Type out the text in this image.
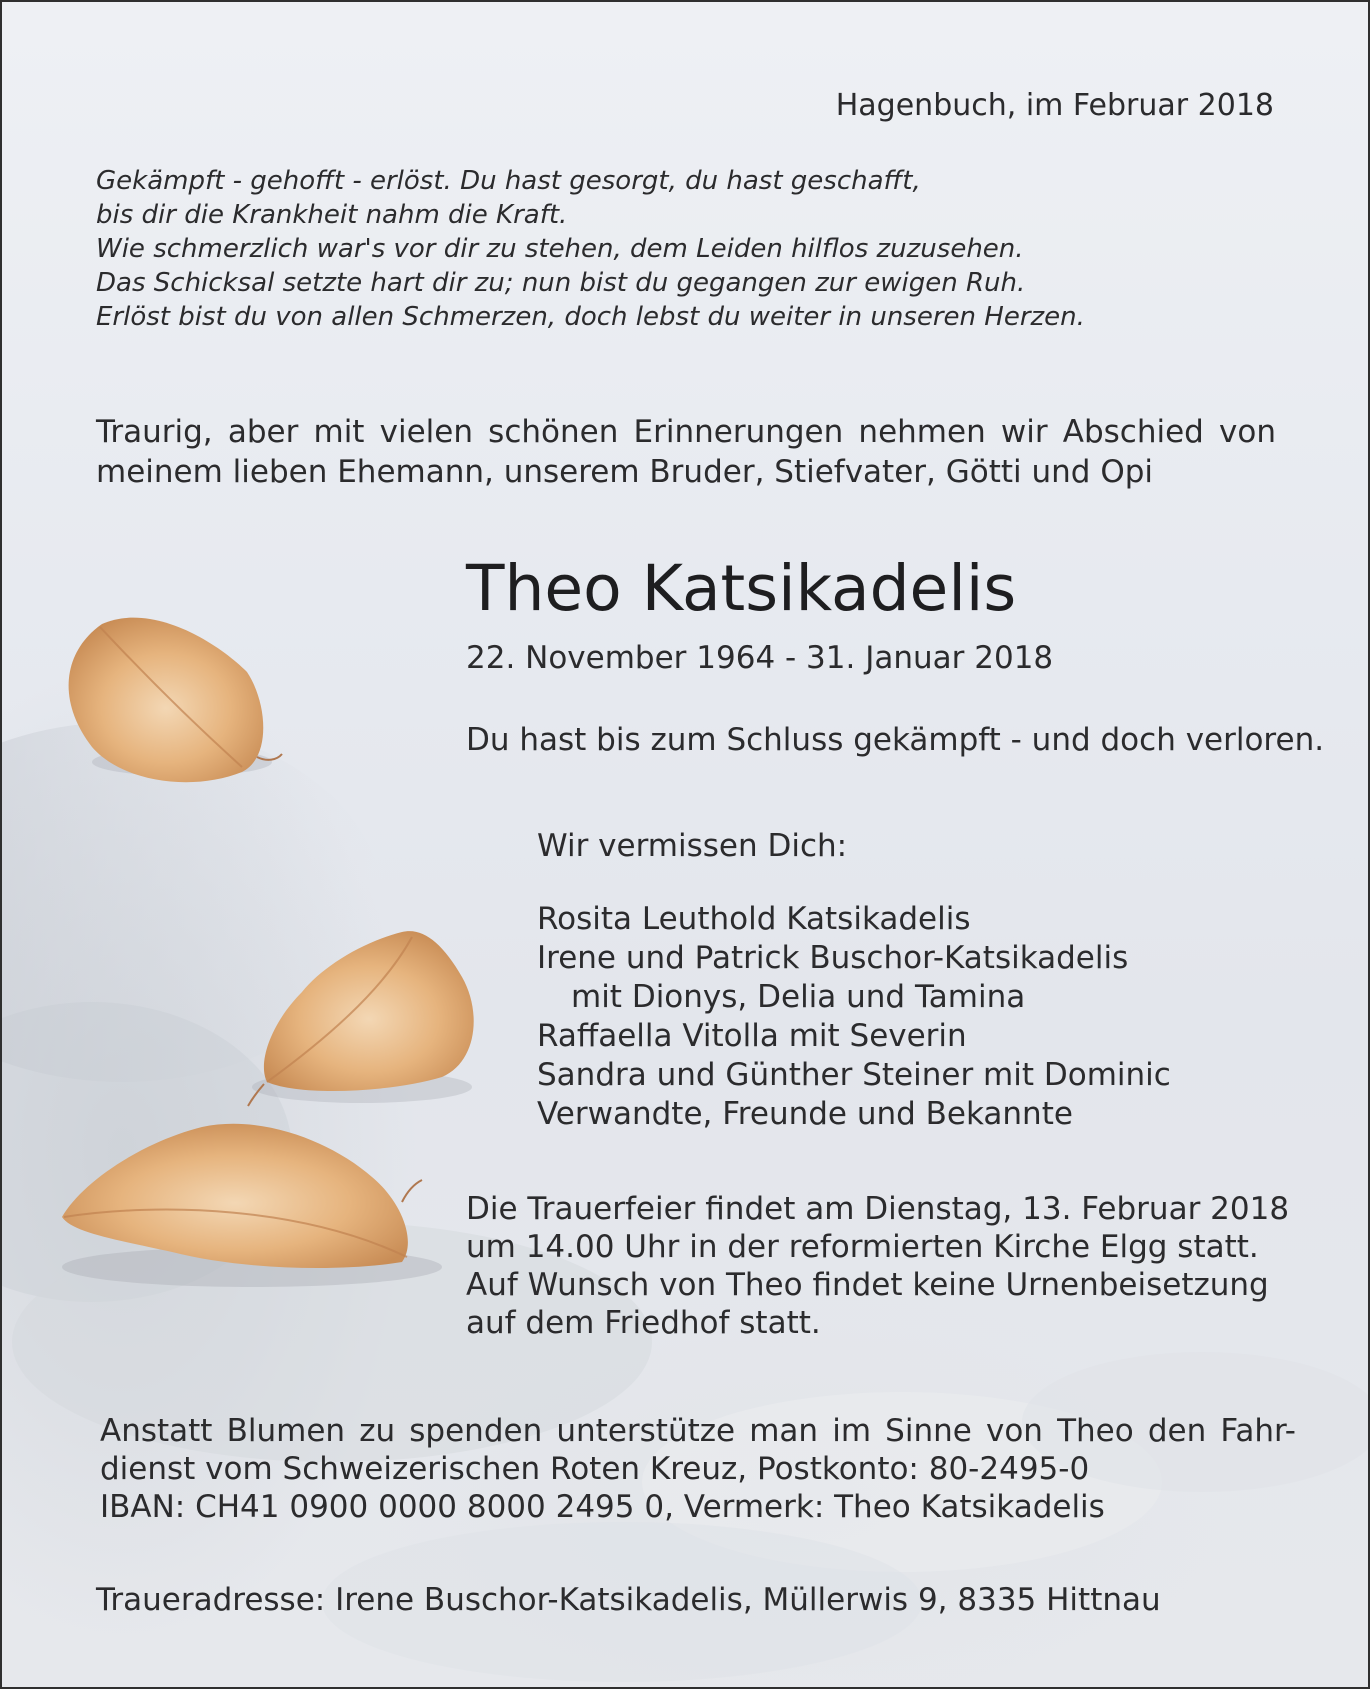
Hagenbuch, im Februar 2018
Gekämpft - gehofft - erlöst. Du hast gesorgt, du hast geschafft,
bis dir die Krankheit nahm die Kraft.
Wie schmerzlich war's vor dir zu stehen, dem Leiden hilflos zuzusehen.
Das Schicksal setzte hart dir zu; nun bist du gegangen zur ewigen Ruh.
Erlöst bist du von allen Schmerzen, doch lebst du weiter in unseren Herzen.
Traurig, aber mit vielen schönen Erinnerungen nehmen wir Abschied von
meinem lieben Ehemann, unserem Bruder, Stiefvater, Götti und Opi
Theo Katsikadelis
22. November 1964 - 31. Januar 2018
Du hast bis zum Schluss gekämpft - und doch verloren.
Wir vermissen Dich:
Rosita Leuthold Katsikadelis
Irene und Patrick Buschor-Katsikadelis
mit Dionys, Delia und Tamina
Raffaella Vitolla mit Severin
Sandra und Günther Steiner mit Dominic
Verwandte, Freunde und Bekannte
Die Trauerfeier findet am Dienstag, 13. Februar 2018
um 14.00 Uhr in der reformierten Kirche Elgg statt.
Auf Wunsch von Theo findet keine Urnenbeisetzung
auf dem Friedhof statt.
Anstatt Blumen zu spenden unterstütze man im Sinne von Theo den Fahr-
dienst vom Schweizerischen Roten Kreuz, Postkonto: 80-2495-0
IBAN: CH41 0900 0000 8000 2495 0, Vermerk: Theo Katsikadelis
Traueradresse: Irene Buschor-Katsikadelis, Müllerwis 9, 8335 Hittnau
